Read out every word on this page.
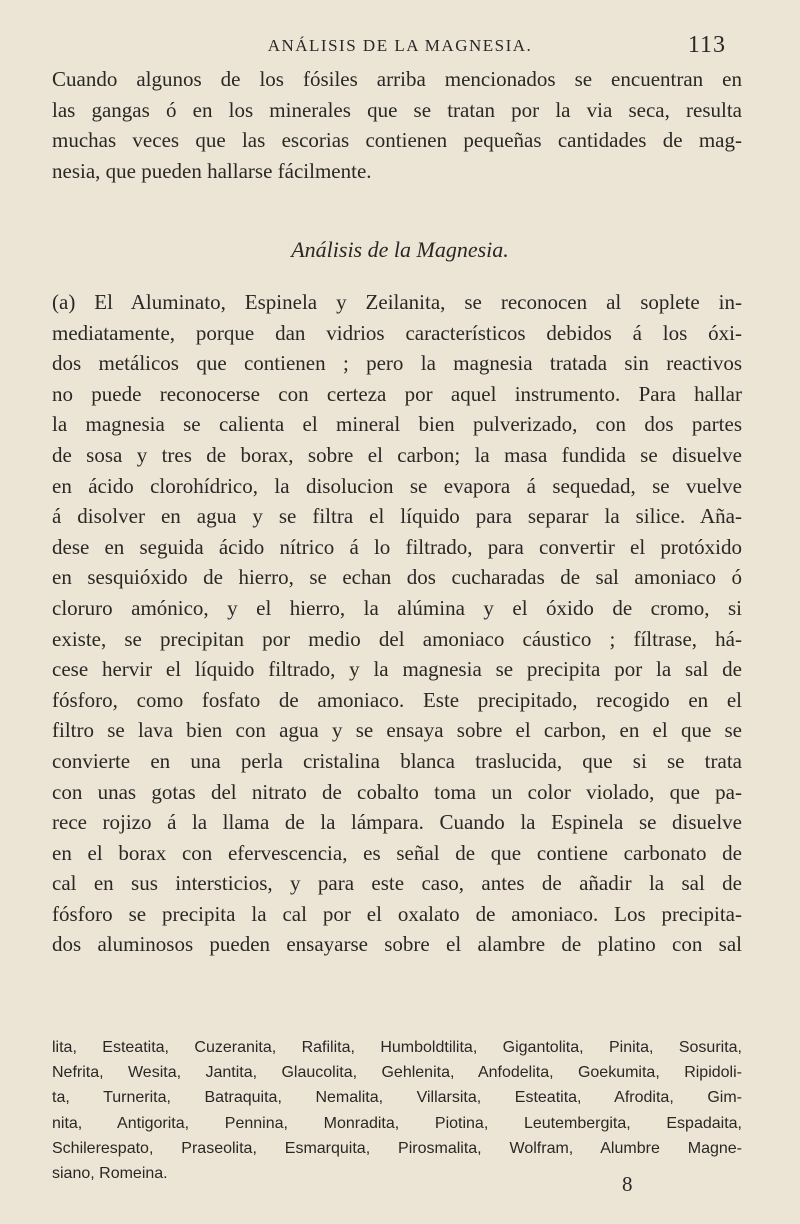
ANÁLISIS DE LA MAGNESIA.	113
Cuando algunos de los fósiles arriba mencionados se encuentran en
las gangas ó en los minerales que se tratan por la via seca, resulta
muchas veces que las escorias contienen pequeñas cantidades de mag-
nesia, que pueden hallarse fácilmente.
Análisis de la Magnesia.
(a) El Aluminato, Espinela y Zeilanita, se reconocen al soplete in-
mediatamente, porque dan vidrios característicos debidos á los óxi-
dos metálicos que contienen ; pero la magnesia tratada sin reactivos
no puede reconocerse con certeza por aquel instrumento. Para hallar
la magnesia se calienta el mineral bien pulverizado, con dos partes
de sosa y tres de borax, sobre el carbon; la masa fundida se disuelve
en ácido clorohídrico, la disolucion se evapora á sequedad, se vuelve
á disolver en agua y se filtra el líquido para separar la silice. Aña-
dese en seguida ácido nítrico á lo filtrado, para convertir el protóxido
en sesquióxido de hierro, se echan dos cucharadas de sal amoniaco ó
cloruro amónico, y el hierro, la alúmina y el óxido de cromo, si
existe, se precipitan por medio del amoniaco cáustico ; fíltrase, há-
cese hervir el líquido filtrado, y la magnesia se precipita por la sal de
fósforo, como fosfato de amoniaco. Este precipitado, recogido en el
filtro se lava bien con agua y se ensaya sobre el carbon, en el que se
convierte en una perla cristalina blanca traslucida, que si se trata
con unas gotas del nitrato de cobalto toma un color violado, que pa-
rece rojizo á la llama de la lámpara. Cuando la Espinela se disuelve
en el borax con efervescencia, es señal de que contiene carbonato de
cal en sus intersticios, y para este caso, antes de añadir la sal de
fósforo se precipita la cal por el oxalato de amoniaco. Los precipita-
dos aluminosos pueden ensayarse sobre el alambre de platino con sal
lita, Esteatita, Cuzeranita, Rafilita, Humboldtilita, Gigantolita, Pinita, Sosurita,
Nefrita, Wesita, Jantita, Glaucolita, Gehlenita, Anfodelita, Goekumita, Ripidoli-
ta, Turnerita, Batraquita, Nemalita, Villarsita, Esteatita, Afrodita, Gim-
nita, Antigorita, Pennina, Monradita, Piotina, Leutembergita, Espadaita,
Schilerespato, Praseolita, Esmarquita, Pirosmalita, Wolfram, Alumbre Magne-
siano, Romeina.	8
